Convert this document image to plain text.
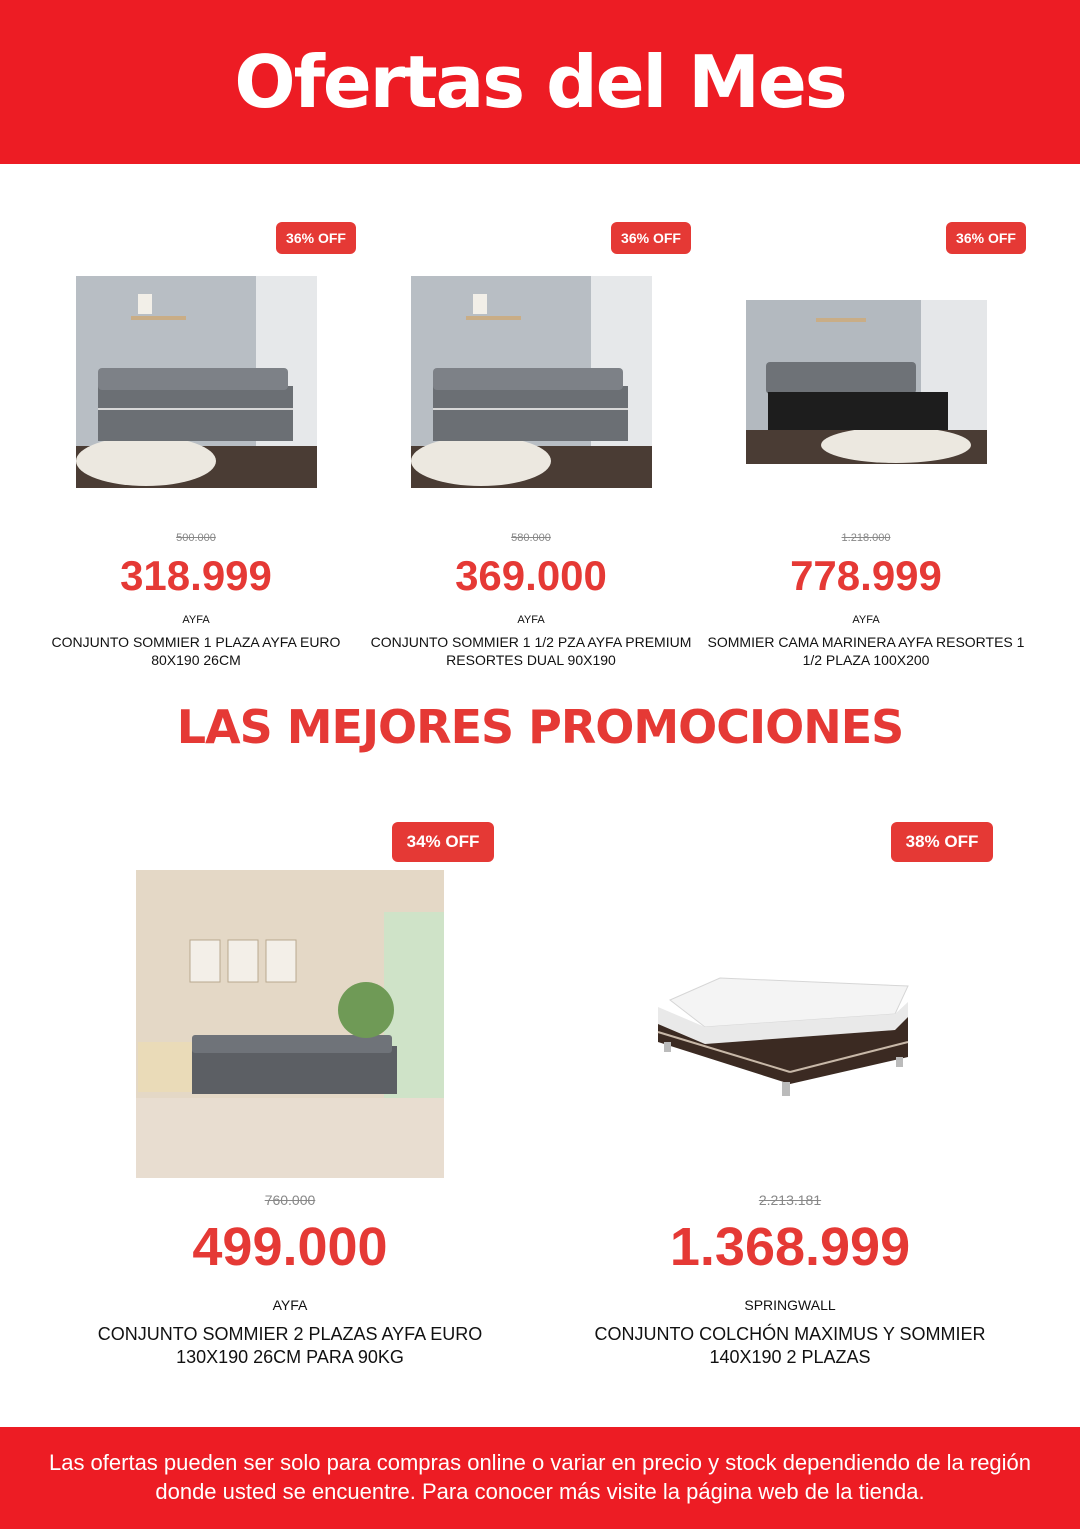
Ofertas del Mes
36% OFF
500.000
318.999
AYFA
CONJUNTO SOMMIER 1 PLAZA AYFA EURO 80X190 26CM
36% OFF
580.000
369.000
AYFA
CONJUNTO SOMMIER 1 1/2 PZA AYFA PREMIUM RESORTES DUAL 90X190
36% OFF
1.218.000
778.999
AYFA
SOMMIER CAMA MARINERA AYFA RESORTES 1 1/2 PLAZA 100X200
LAS MEJORES PROMOCIONES
34% OFF
760.000
499.000
AYFA
CONJUNTO SOMMIER 2 PLAZAS AYFA EURO 130X190 26CM PARA 90KG
38% OFF
2.213.181
1.368.999
SPRINGWALL
CONJUNTO COLCHÓN MAXIMUS Y SOMMIER 140X190 2 PLAZAS

Las ofertas pueden ser solo para compras online o variar en precio y stock dependiendo de la región donde usted se encuentre. Para conocer más visite la página web de la tienda.
